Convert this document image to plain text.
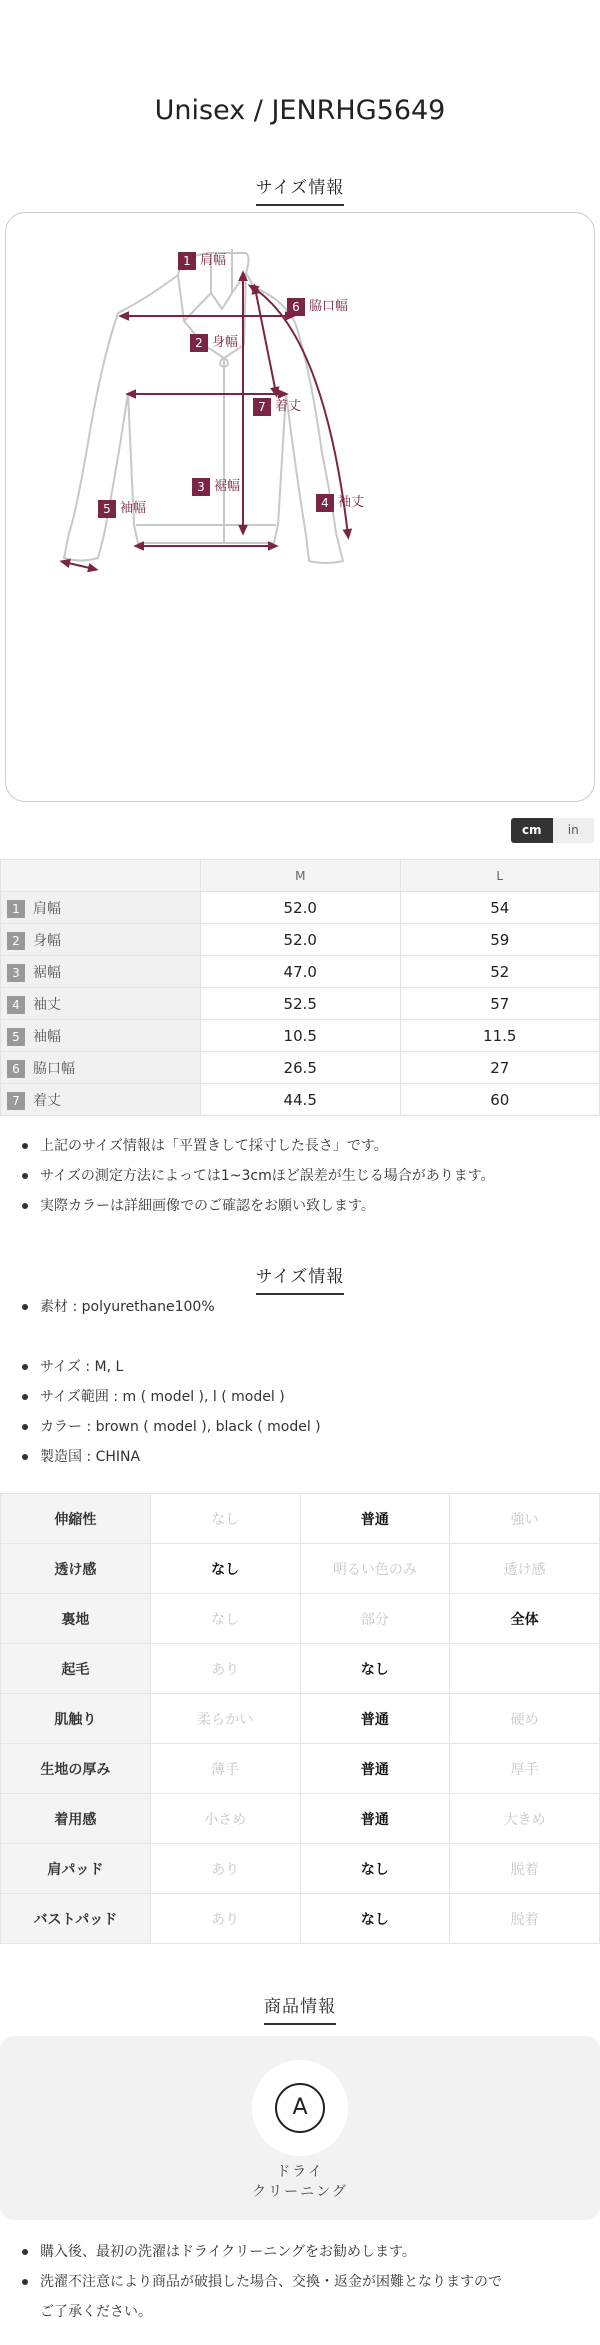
Unisex / JENRHG5649
サイズ情報
1 肩幅
2 身幅
3 裾幅
4 袖丈
5 袖幅
6 脇口幅
7 着丈
cm	in
	M	L
1 肩幅	52.0	54
2 身幅	52.0	59
3 裾幅	47.0	52
4 袖丈	52.5	57
5 袖幅	10.5	11.5
6 脇口幅	26.5	27
7 着丈	44.5	60
上記のサイズ情報は「平置きして採寸した長さ」です。
サイズの測定方法によっては1~3cmほど誤差が生じる場合があります。
実際カラーは詳細画像でのご確認をお願い致します。
サイズ情報
素材 : polyurethane100%
サイズ : M, L
サイズ範囲 : m ( model ), l ( model )
カラー : brown ( model ), black ( model )
製造国 : CHINA
伸縮性	なし	普通	強い
透け感	なし	明るい色のみ	透け感
裏地	なし	部分	全体
起毛	あり	なし	
肌触り	柔らかい	普通	硬め
生地の厚み	薄手	普通	厚手
着用感	小さめ	普通	大きめ
肩パッド	あり	なし	脱着
バストパッド	あり	なし	脱着
商品情報
A
ドライ
クリーニング
購入後、最初の洗濯はドライクリーニングをお勧めします。
洗濯不注意により商品が破損した場合、交換・返金が困難となりますので
ご了承ください。
